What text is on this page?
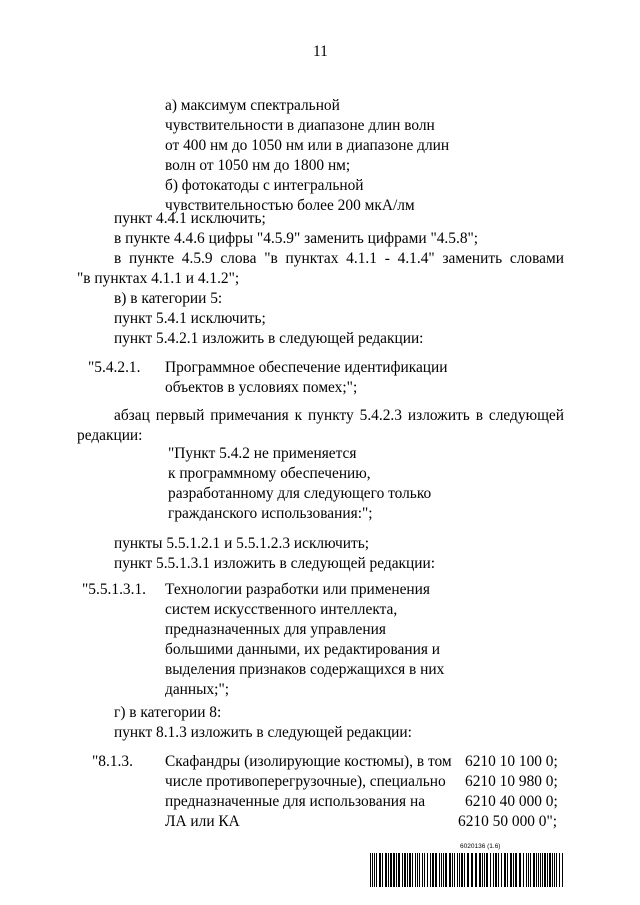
11
а) максимум спектральной
чувствительности в диапазоне длин волн
от 400 нм до 1050 нм или в диапазоне длин
волн от 1050 нм до 1800 нм;
б) фотокатоды с интегральной
чувствительностью более 200 мкА/лм
пункт 4.4.1 исключить;
в пункте 4.4.6 цифры "4.5.9" заменить цифрами "4.5.8";
в пункте 4.5.9 слова "в пунктах 4.1.1 - 4.1.4" заменить словами
"в пунктах 4.1.1 и 4.1.2";
в) в категории 5:
пункт 5.4.1 исключить;
пункт 5.4.2.1 изложить в следующей редакции:
"5.4.2.1. Программное обеспечение идентификации
объектов в условиях помех;";
абзац первый примечания к пункту 5.4.2.3 изложить в следующей
редакции:
"Пункт 5.4.2 не применяется
к программному обеспечению,
разработанному для следующего только
гражданского использования:";
пункты 5.5.1.2.1 и 5.5.1.2.3 исключить;
пункт 5.5.1.3.1 изложить в следующей редакции:
"5.5.1.3.1. Технологии разработки или применения
систем искусственного интеллекта,
предназначенных для управления
большими данными, их редактирования и
выделения признаков содержащихся в них
данных;";
г) в категории 8:
пункт 8.1.3 изложить в следующей редакции:
"8.1.3. Скафандры (изолирующие костюмы), в том
числе противоперегрузочные), специально
предназначенные для использования на
ЛА или КА
6210 10 100 0;
6210 10 980 0;
6210 40 000 0;
6210 50 000 0";
6020136 (1.6)
